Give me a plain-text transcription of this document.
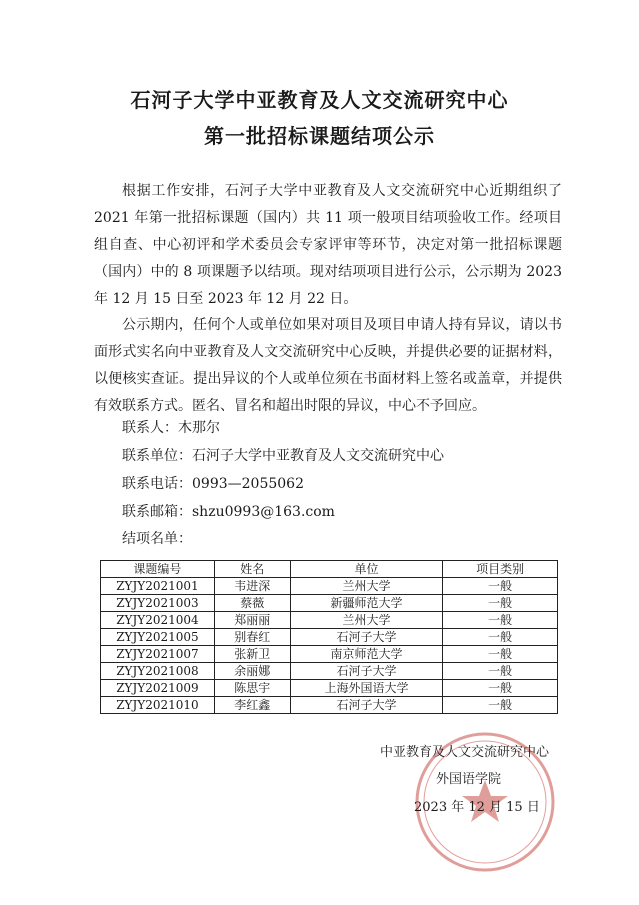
石河子大学中亚教育及人文交流研究中心
第一批招标课题结项公示

根据工作安排，石河子大学中亚教育及人文交流研究中心近期组织了 2021 年第一批招标课题（国内）共 11 项一般项目结项验收工作。经项目组自查、中心初评和学术委员会专家评审等环节，决定对第一批招标课题（国内）中的 8 项课题予以结项。现对结项项目进行公示，公示期为 2023 年 12 月 15 日至 2023 年 12 月 22 日。

公示期内，任何个人或单位如果对项目及项目申请人持有异议，请以书面形式实名向中亚教育及人文交流研究中心反映，并提供必要的证据材料，以便核实查证。提出异议的个人或单位须在书面材料上签名或盖章，并提供有效联系方式。匿名、冒名和超出时限的异议，中心不予回应。

联系人：木那尔
联系单位：石河子大学中亚教育及人文交流研究中心
联系电话：0993—2055062
联系邮箱：shzu0993@163.com
结项名单：
课题编号	姓名	单位	项目类别
ZYJY2021001	韦进深	兰州大学	一般
ZYJY2021003	蔡薇	新疆师范大学	一般
ZYJY2021004	郑丽丽	兰州大学	一般
ZYJY2021005	别春红	石河子大学	一般
ZYJY2021007	张新卫	南京师范大学	一般
ZYJY2021008	余丽娜	石河子大学	一般
ZYJY2021009	陈思宇	上海外国语大学	一般
ZYJY2021010	李红鑫	石河子大学	一般
中亚教育及人文交流研究中心
外国语学院
2023 年 12 月 15 日
